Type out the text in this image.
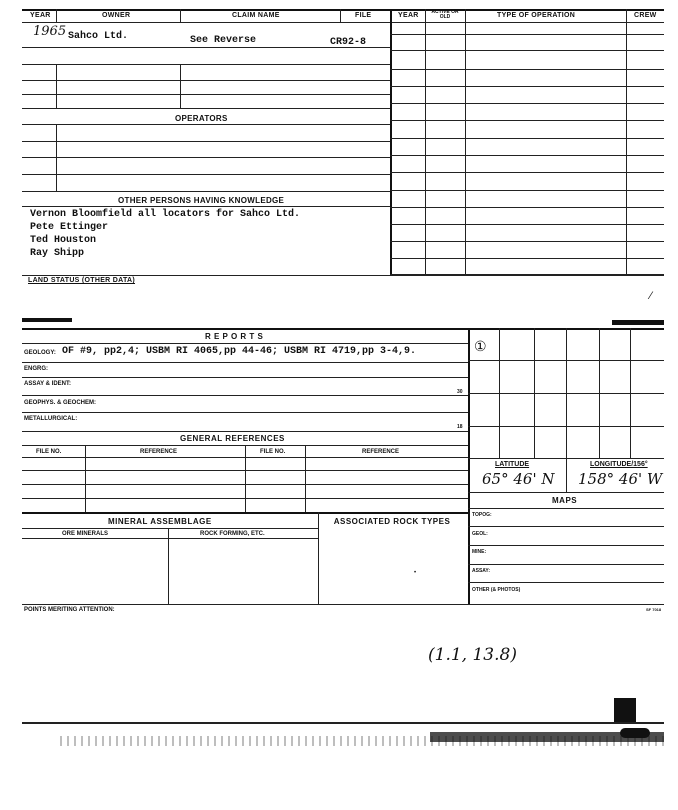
YEAR	OWNER	CLAIM NAME	FILE	YEAR	ACTIVE OR OLD	TYPE OF OPERATION	CREW
1965 Sahco Ltd.	See Reverse	CR92-8
OPERATORS
OTHER PERSONS HAVING KNOWLEDGE
Vernon Bloomfield all locators for Sahco Ltd.
Pete Ettinger
Ted Houston
Ray Shipp
LAND STATUS (OTHER DATA)
⁄
R E P O R T S
GEOLOGY: OF #9, pp2,4; USBM RI 4065,pp 44-46; USBM RI 4719,pp 3-4,9.
ENGRG:
ASSAY & IDENT:
30
GEOPHYS. & GEOCHEM:
METALLURGICAL:
18
GENERAL REFERENCES
FILE NO.	REFERENCE	FILE NO.	REFERENCE
MINERAL ASSEMBLAGE	ASSOCIATED ROCK TYPES
ORE MINERALS	ROCK FORMING, ETC.
•
①
LATITUDE	LONGITUDE/156°
65° 46' N 158° 46' W
MAPS
TOPOG:
GEOL:
MINE:
ASSAY:
OTHER (& PHOTOS)
POINTS MERITING ATTENTION:	SF 7018
(1.1, 13.8)
